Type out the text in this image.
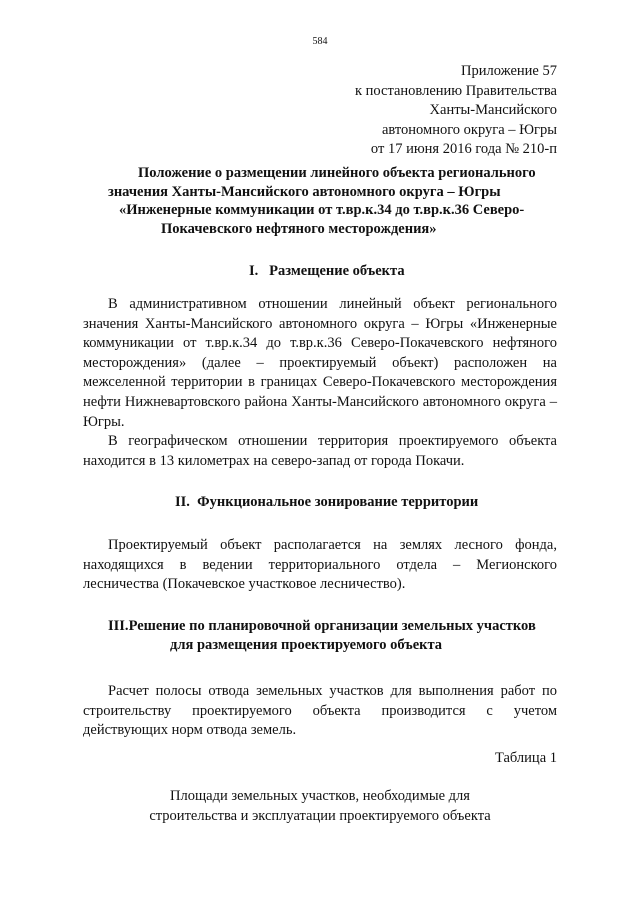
584
Приложение 57
к постановлению Правительства
Ханты-Мансийского
автономного округа – Югры
от 17 июня 2016 года № 210-п
Положение о размещении линейного объекта регионального
значения Ханты-Мансийского автономного округа – Югры
«Инженерные коммуникации от т.вр.к.34 до т.вр.к.36 Северо-
Покачевского нефтяного месторождения»
I. Размещение объекта
В административном отношении линейный объект регионального значения Ханты-Мансийского автономного округа – Югры «Инженерные коммуникации от т.вр.к.34 до т.вр.к.36 Северо-Покачевского нефтяного месторождения» (далее – проектируемый объект) расположен на межселенной территории в границах Северо-Покачевского месторождения нефти Нижневартовского района Ханты-Мансийского автономного округа – Югры.
В географическом отношении территория проектируемого объекта находится в 13 километрах на северо-запад от города Покачи.
II. Функциональное зонирование территории
Проектируемый объект располагается на землях лесного фонда, находящихся в ведении территориального отдела – Мегионского лесничества (Покачевское участковое лесничество).
III.Решение по планировочной организации земельных участков
для размещения проектируемого объекта
Расчет полосы отвода земельных участков для выполнения работ по строительству проектируемого объекта производится с учетом действующих норм отвода земель.
Таблица 1
Площади земельных участков, необходимые для
строительства и эксплуатации проектируемого объекта
